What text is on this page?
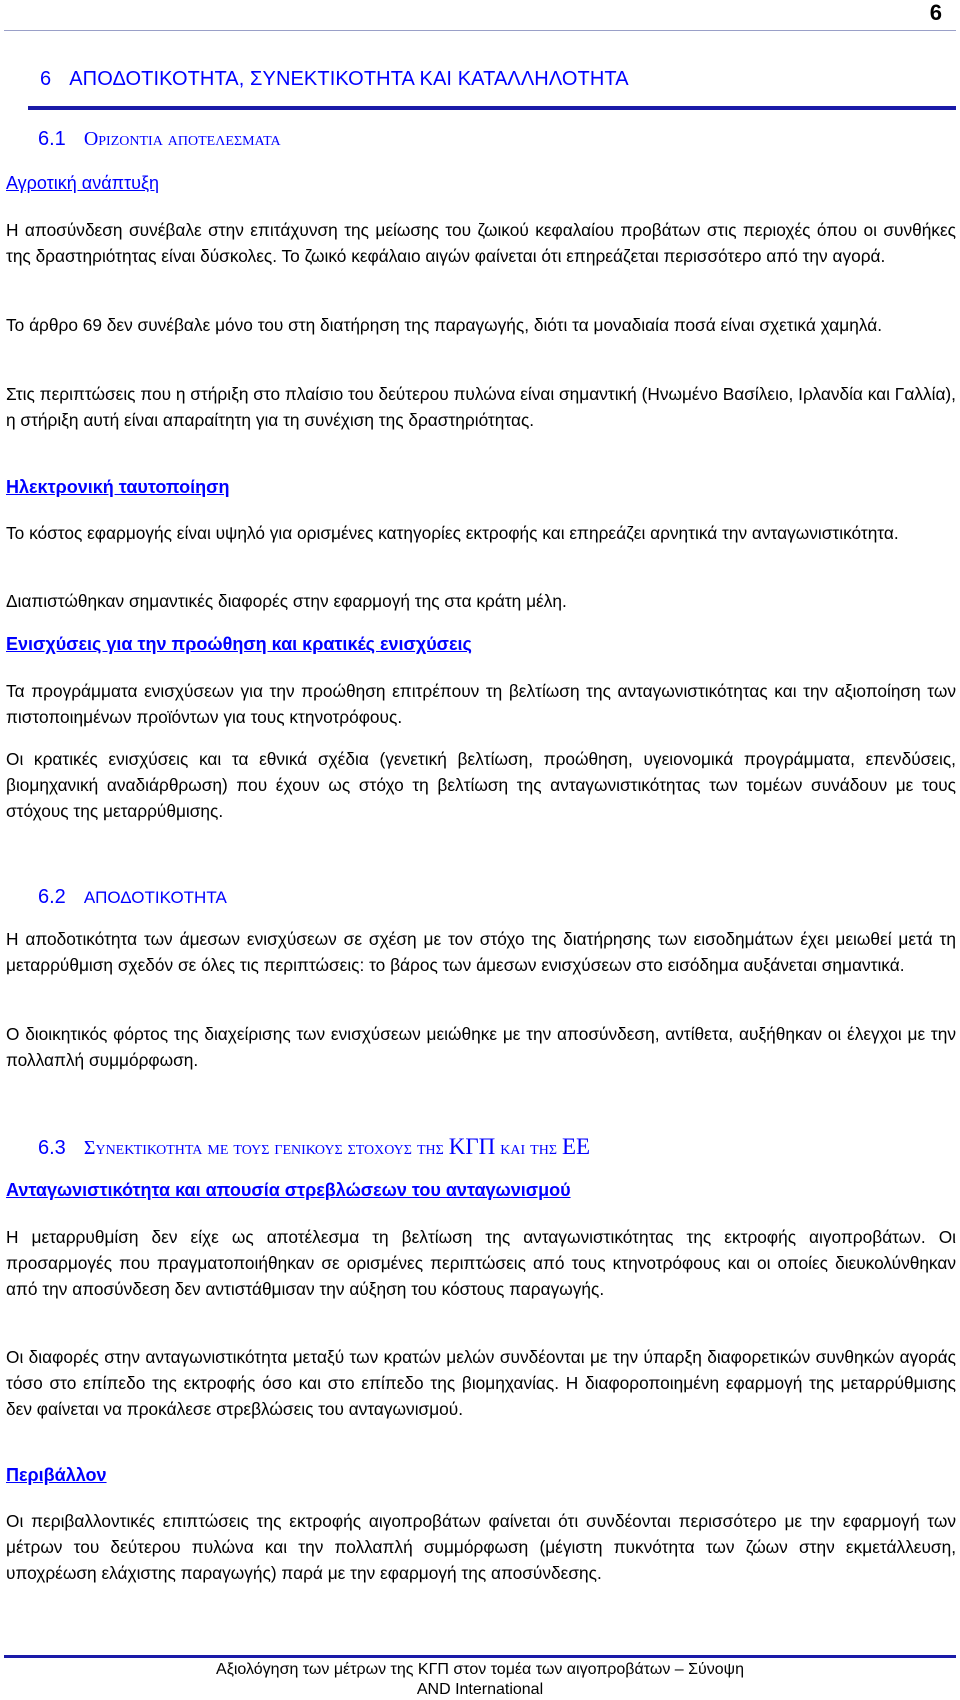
6
6 ΑΠΟΔΟΤΙΚΟΤΗΤΑ, ΣΥΝΕΚΤΙΚΟΤΗΤΑ ΚΑΙ ΚΑΤΑΛΛΗΛΟΤΗΤΑ
6.1 Οριζοντια αποτελεσματα
Αγροτική ανάπτυξη
Η αποσύνδεση συνέβαλε στην επιτάχυνση της μείωσης του ζωικού κεφαλαίου προβάτων στις περιοχές όπου οι συνθήκες της δραστηριότητας είναι δύσκολες. Το ζωικό κεφάλαιο αιγών φαίνεται ότι επηρεάζεται περισσότερο από την αγορά.
Το άρθρο 69 δεν συνέβαλε μόνο του στη διατήρηση της παραγωγής, διότι τα μοναδιαία ποσά είναι σχετικά χαμηλά.
Στις περιπτώσεις που η στήριξη στο πλαίσιο του δεύτερου πυλώνα είναι σημαντική (Ηνωμένο Βασίλειο, Ιρλανδία και Γαλλία), η στήριξη αυτή είναι απαραίτητη για τη συνέχιση της δραστηριότητας.
Ηλεκτρονική ταυτοποίηση
Το κόστος εφαρμογής είναι υψηλό για ορισμένες κατηγορίες εκτροφής και επηρεάζει αρνητικά την ανταγωνιστικότητα.
Διαπιστώθηκαν σημαντικές διαφορές στην εφαρμογή της στα κράτη μέλη.
Ενισχύσεις για την προώθηση και κρατικές ενισχύσεις
Τα προγράμματα ενισχύσεων για την προώθηση επιτρέπουν τη βελτίωση της ανταγωνιστικότητας και την αξιοποίηση των πιστοποιημένων προϊόντων για τους κτηνοτρόφους.
Οι κρατικές ενισχύσεις και τα εθνικά σχέδια (γενετική βελτίωση, προώθηση, υγειονομικά προγράμματα, επενδύσεις, βιομηχανική αναδιάρθρωση) που έχουν ως στόχο τη βελτίωση της ανταγωνιστικότητας των τομέων συνάδουν με τους στόχους της μεταρρύθμισης.
6.2 ΑΠΟΔΟΤΙΚΟΤΗΤΑ
Η αποδοτικότητα των άμεσων ενισχύσεων σε σχέση με τον στόχο της διατήρησης των εισοδημάτων έχει μειωθεί μετά τη μεταρρύθμιση σχεδόν σε όλες τις περιπτώσεις: το βάρος των άμεσων ενισχύσεων στο εισόδημα αυξάνεται σημαντικά.
Ο διοικητικός φόρτος της διαχείρισης των ενισχύσεων μειώθηκε με την αποσύνδεση, αντίθετα, αυξήθηκαν οι έλεγχοι με την πολλαπλή συμμόρφωση.
6.3 Συνεκτικοτητα με τους γενικους στοχους της ΚΓΠ και της ΕΕ
Ανταγωνιστικότητα και απουσία στρεβλώσεων του ανταγωνισμού
Η μεταρρυθμίση δεν είχε ως αποτέλεσμα τη βελτίωση της ανταγωνιστικότητας της εκτροφής αιγοπροβάτων. Οι προσαρμογές που πραγματοποιήθηκαν σε ορισμένες περιπτώσεις από τους κτηνοτρόφους και οι οποίες διευκολύνθηκαν από την αποσύνδεση δεν αντιστάθμισαν την αύξηση του κόστους παραγωγής.
Οι διαφορές στην ανταγωνιστικότητα μεταξύ των κρατών μελών συνδέονται με την ύπαρξη διαφορετικών συνθηκών αγοράς τόσο στο επίπεδο της εκτροφής όσο και στο επίπεδο της βιομηχανίας. Η διαφοροποιημένη εφαρμογή της μεταρρύθμισης δεν φαίνεται να προκάλεσε στρεβλώσεις του ανταγωνισμού.
Περιβάλλον
Οι περιβαλλοντικές επιπτώσεις της εκτροφής αιγοπροβάτων φαίνεται ότι συνδέονται περισσότερο με την εφαρμογή των μέτρων του δεύτερου πυλώνα και την πολλαπλή συμμόρφωση (μέγιστη πυκνότητα των ζώων στην εκμετάλλευση, υποχρέωση ελάχιστης παραγωγής) παρά με την εφαρμογή της αποσύνδεσης.
Αξιολόγηση των μέτρων της ΚΓΠ στον τομέα των αιγοπροβάτων – Σύνοψη
AND International
